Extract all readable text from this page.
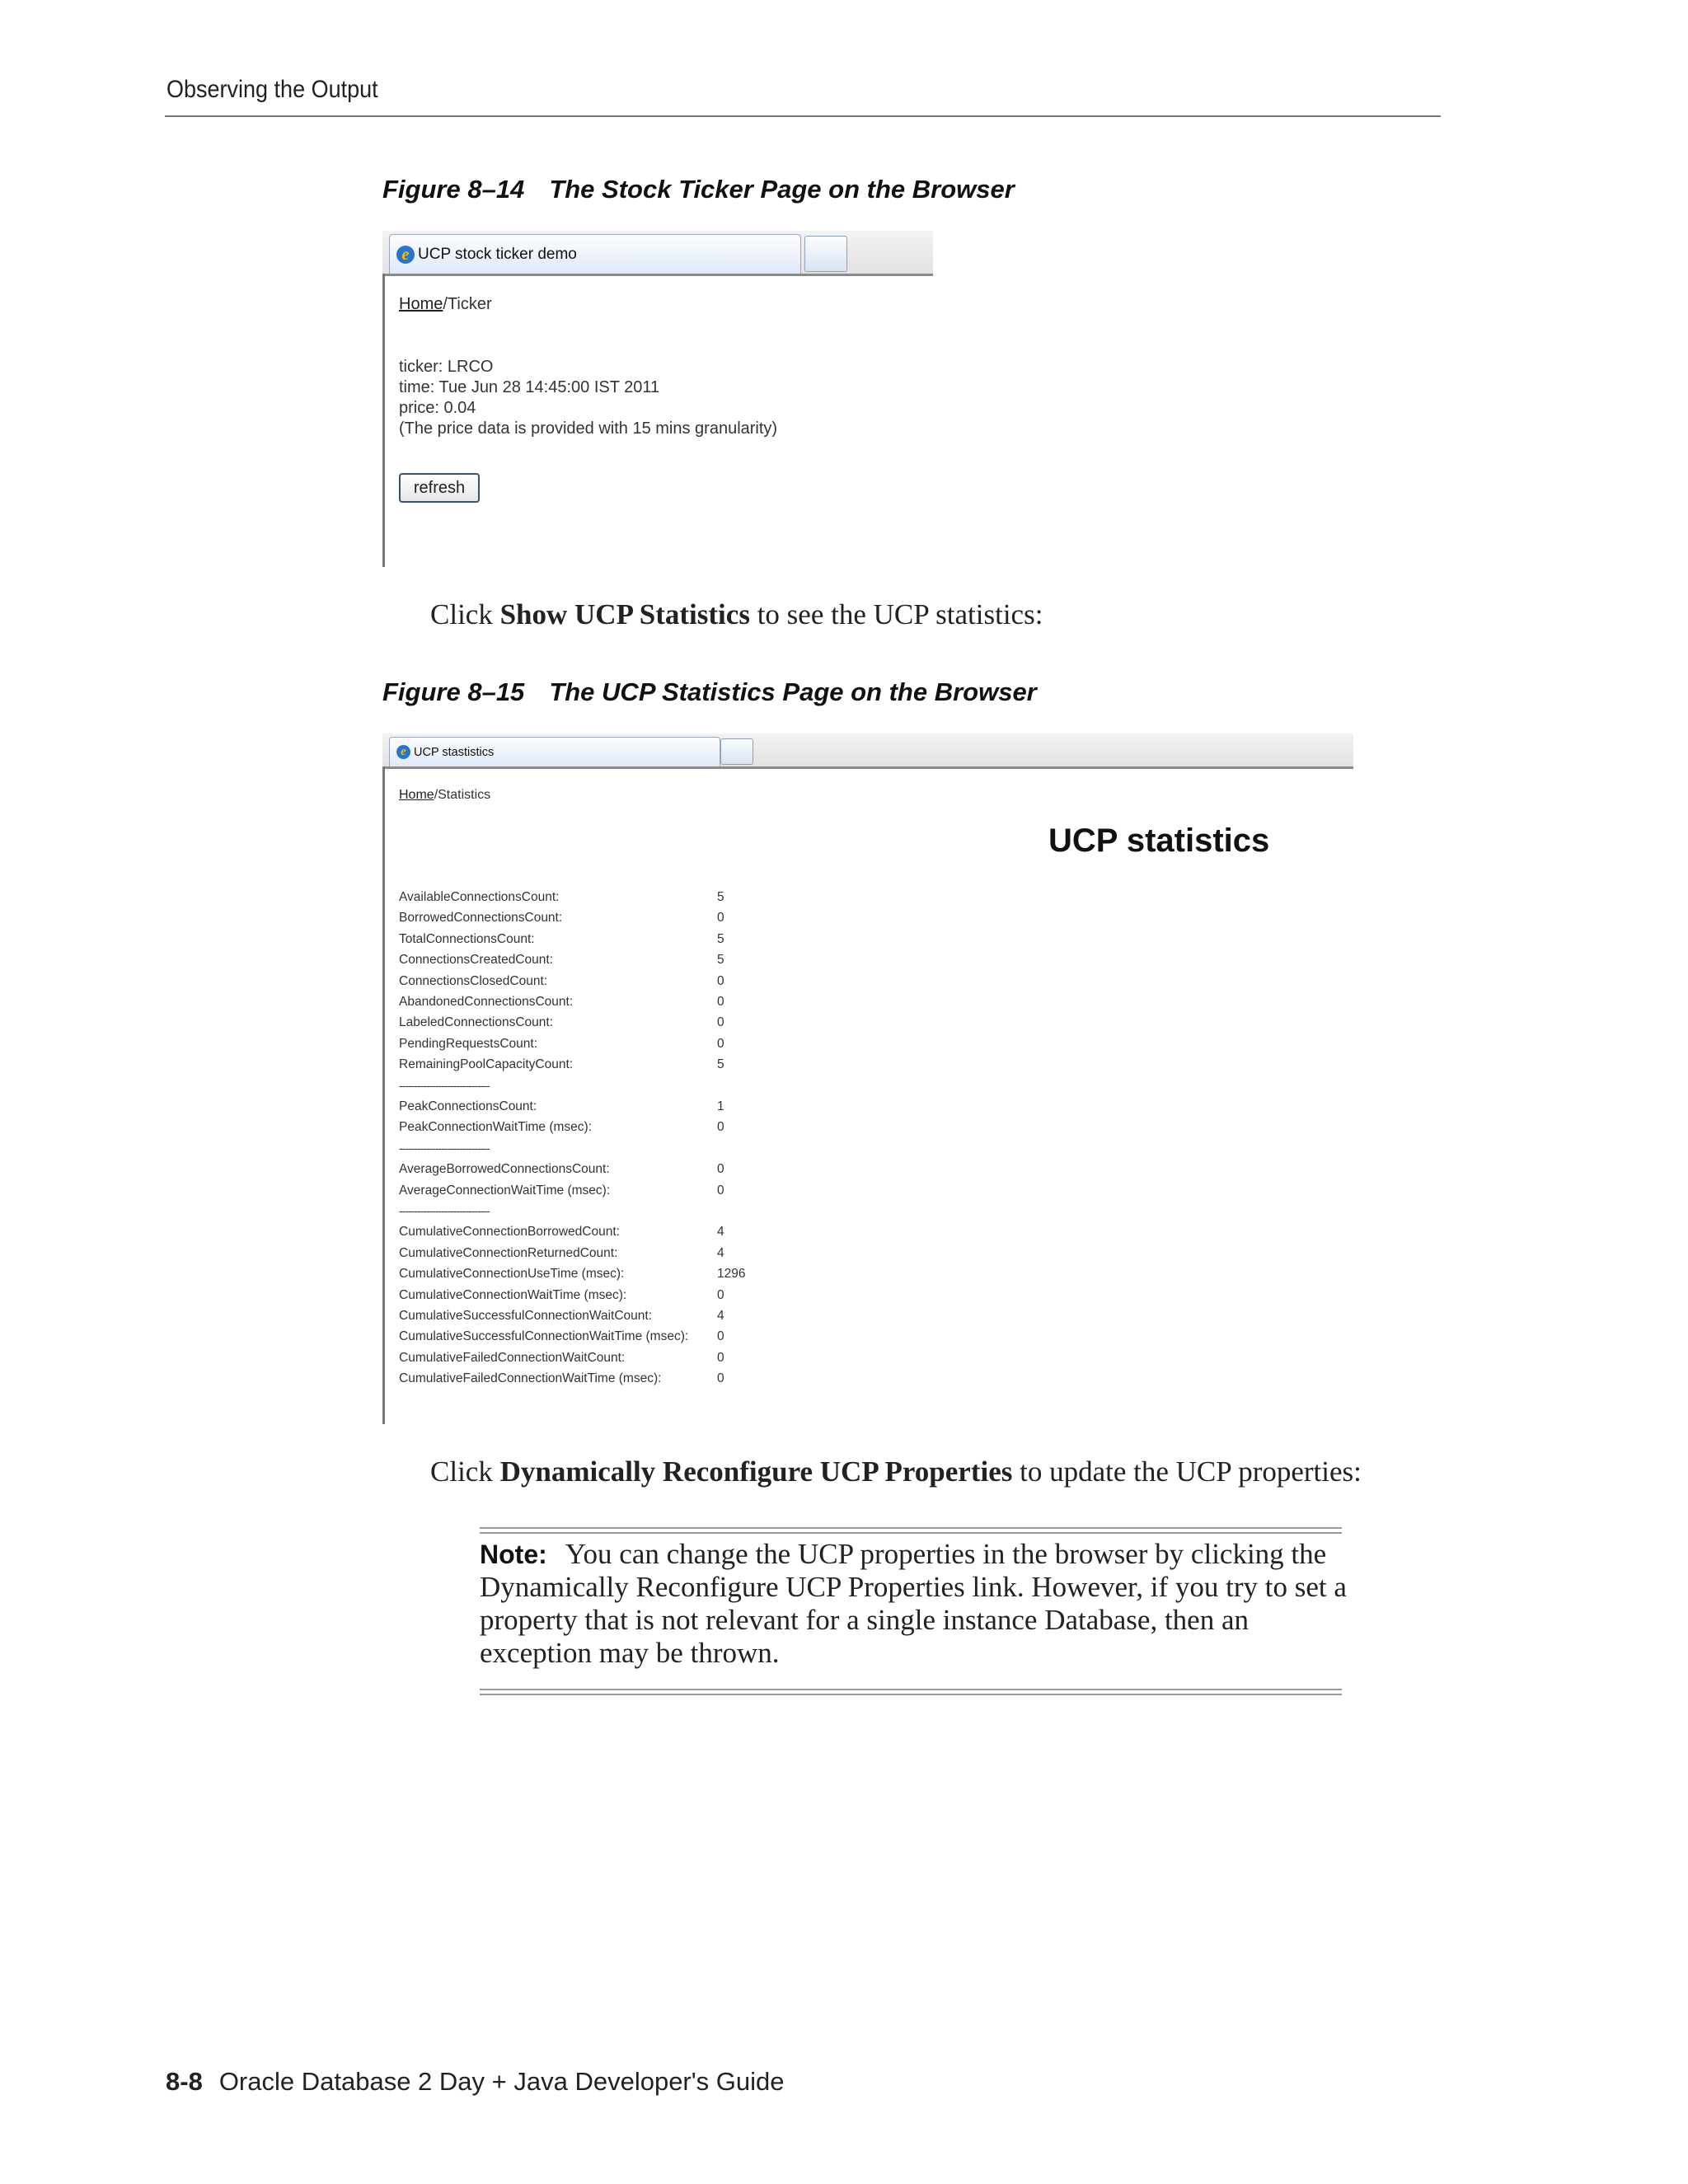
Observing the Output
Figure 8–14 The Stock Ticker Page on the Browser
e UCP stock ticker demo
Home/Ticker
ticker: LRCO
time: Tue Jun 28 14:45:00 IST 2011
price: 0.04
(The price data is provided with 15 mins granularity)
refresh
Click Show UCP Statistics to see the UCP statistics:
Figure 8–15 The UCP Statistics Page on the Browser
e UCP stastistics
Home/Statistics
UCP statistics
AvailableConnectionsCount:	5
BorrowedConnectionsCount:	0
TotalConnectionsCount:	5
ConnectionsCreatedCount:	5
ConnectionsClosedCount:	0
AbandonedConnectionsCount:	0
LabeledConnectionsCount:	0
PendingRequestsCount:	0
RemainingPoolCapacityCount:	5
------------------------------
PeakConnectionsCount:	1
PeakConnectionWaitTime (msec):	0
------------------------------
AverageBorrowedConnectionsCount:	0
AverageConnectionWaitTime (msec):	0
------------------------------
CumulativeConnectionBorrowedCount:	4
CumulativeConnectionReturnedCount:	4
CumulativeConnectionUseTime (msec):	1296
CumulativeConnectionWaitTime (msec):	0
CumulativeSuccessfulConnectionWaitCount:	4
CumulativeSuccessfulConnectionWaitTime (msec): 0
CumulativeFailedConnectionWaitCount:	0
CumulativeFailedConnectionWaitTime (msec):	0
Click Dynamically Reconfigure UCP Properties to update the UCP properties:
Note: You can change the UCP properties in the browser by clicking the Dynamically Reconfigure UCP Properties link. However, if you try to set a property that is not relevant for a single instance Database, then an exception may be thrown.
8-8 Oracle Database 2 Day + Java Developer's Guide
